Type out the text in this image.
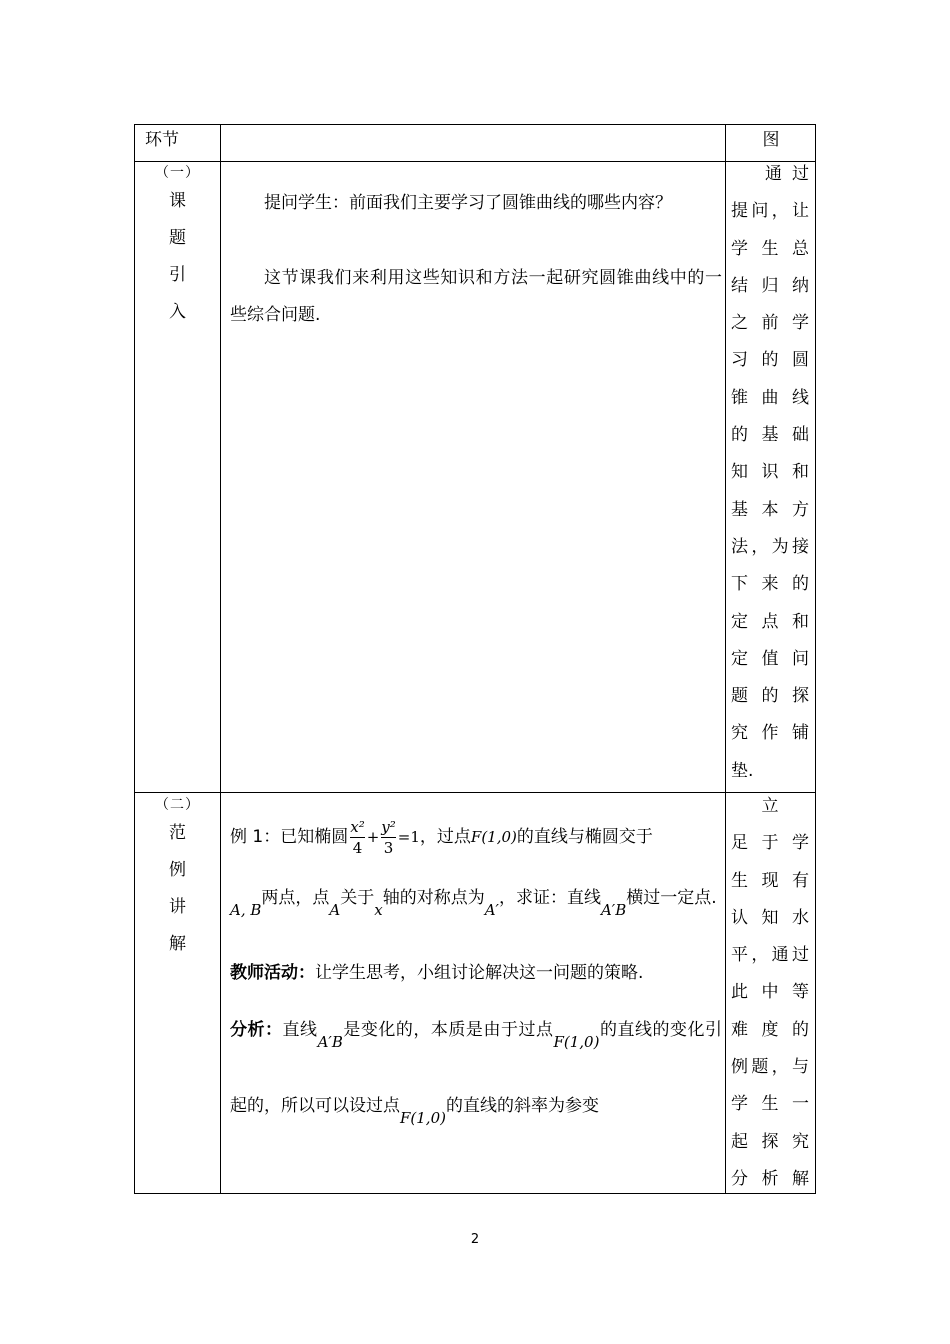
环节	图
（一）
课
题
引
入

提问学生：前面我们主要学习了圆锥曲线的哪些内容？

这节课我们来利用这些知识和方法一起研究圆锥曲线中的一些综合问题.

通 过
提问，让
学 生 总
结 归 纳
之 前 学
习 的 圆
锥 曲 线
的 基 础
知 识 和
基 本 方
法，为接
下 来 的
定 点 和
定 值 问
题 的 探
究 作 铺
垫.
（二）
范
例
讲
解
例 1：已知椭圆 $\frac{\text{x²}}{4} + \frac{\text{y²}}{3} =1$，过点F(1,0)的直线与椭圆交于
A, B两点，点A关于x轴的对称点为A′，求证：直线A′B横过一定点.
教师活动：让学生思考，小组讨论解决这一问题的策略.
分析：直线A′B是变化的，本质是由于过点F(1,0)的直线的变化引起的，所以可以设过点F(1,0)的直线的斜率为参变
立
足 于 学
生 现 有
认 知 水
平，通过
此 中 等
难 度 的
例题，与
学 生 一
起 探 究
分 析 解
2
